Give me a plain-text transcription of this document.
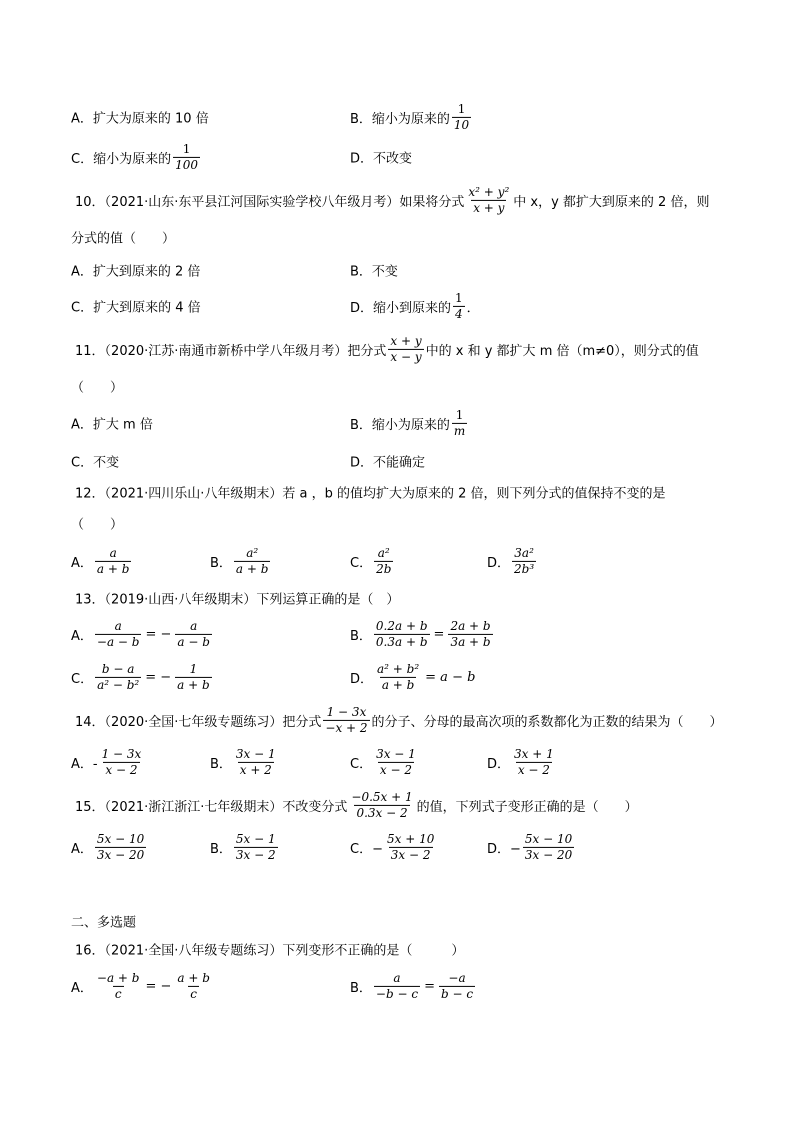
A．扩大为原来的 10 倍	B．缩小为原来的 $\frac{1}{10}$
C．缩小为原来的 $\frac{1}{100}$	D．不改变
10．（2021·山东·东平县江河国际实验学校八年级月考）如果将分式 $\frac{\text{x² + y²}}{x + y}$ 中 x，y 都扩大到原来的 2 倍，则
分式的值（　　）
A．扩大到原来的 2 倍	B．不变
C．扩大到原来的 4 倍	D．缩小到原来的 $\frac{1}{4}$ ．
11．（2020·江苏·南通市新桥中学八年级月考）把分式 $\frac{x + y}{x - y}$ 中的 x 和 y 都扩大 m 倍（m≠0），则分式的值
（　　）
A．扩大 m 倍	B．缩小为原来的 $\frac{1}{m}$
C．不变	D．不能确定
12．（2021·四川乐山·八年级期末）若 a ，b 的值均扩大为原来的 2 倍，则下列分式的值保持不变的是
（　　）
A． $\frac{a}{a + b}$	B． $\frac{\text{a²}}{a + b}$	C． $\frac{\text{a²}}{2b}$	D． $\frac{\text{3a²}}{\text{2b³}}$
13．（2019·山西·八年级期末）下列运算正确的是（　）
A． $\frac{a}{-a - b}$ = − $\frac{a}{a - b}$	B． $\frac{0.2a + b}{0.3a + b} = \frac{2a + b}{3a + b}$
C． $\frac{b - a}{\text{a² − b²}}$ = − $\frac{1}{a + b}$	D． $\frac{\text{a² + b²}}{a + b} = a - b$
14．（2020·全国·七年级专题练习）把分式 $\frac{1 - 3x}{-x + 2}$ 的分子、分母的最高次项的系数都化为正数的结果为（　　）
A．- $\frac{1 - 3x}{x - 2}$	B． $\frac{3x - 1}{x + 2}$	C． $\frac{3x - 1}{x - 2}$	D． $\frac{3x + 1}{x - 2}$
15．（2021·浙江浙江·七年级期末）不改变分式 $\frac{-0.5x + 1}{0.3x - 2}$ 的值，下列式子变形正确的是（　　）
A． $\frac{5x - 10}{3x - 20}$	B． $\frac{5x - 1}{3x - 2}$	C．− $\frac{5x + 10}{3x - 2}$	D．− $\frac{5x - 10}{3x - 20}$
二、多选题
16．（2021·全国·八年级专题练习）下列变形不正确的是（　　　）
A． $\frac{-a + b}{c}$ = − $\frac{a + b}{c}$	B． $\frac{a}{-b - c} = \frac{-a}{b - c}$
